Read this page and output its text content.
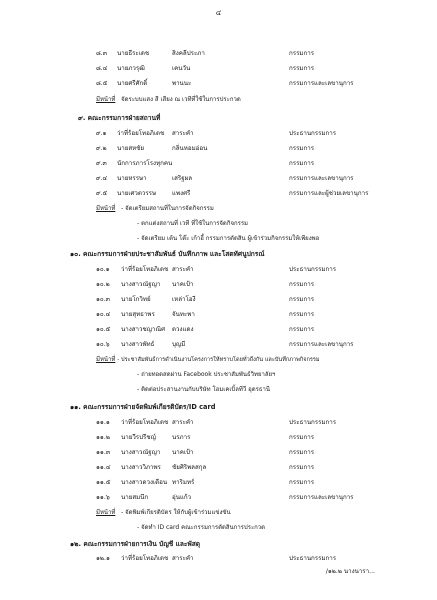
๔
๘.๓ นายธีระเดช	สิงคลีประภา	กรรมการ
๘.๔ นายภวรุฒิ	เคนวัน	กรรมการ
๘.๕ นายศรีศักดิ์	พานนะ	กรรมการและเลขานุการ
มีหน้าที่ จัดระบบแสง สี เสียง ณ เวทีที่ใช้ในการประกวด
๙. คณะกรรมการฝ่ายสถานที่
๙.๑ ว่าที่ร้อยโทอภิเดช สาระคำ	ประธานกรรมการ
๙.๒ นายสหชัย	กลิ่นหอมอ่อน	กรรมการ
๙.๓ นักการภารโรงทุกคน	กรรมการ
๙.๔ นายหรรษา	เสริฐผล	กรรมการและเลขานุการ
๙.๕ นายเศวตวรรษ	แพงศรี	กรรมการและผู้ช่วยเลขานุการ
มีหน้าที่ - จัดเตรียมสถานที่ในการจัดกิจกรรม
- ตกแต่งสถานที่ เวที ที่ใช้ในการจัดกิจกรรม
- จัดเตรียม เต้น โต๊ะ เก้าอี้ กรรมการตัดสิน ผู้เข้าร่วมกิจกรรมให้เพียงพอ
๑๐. คณะกรรมการฝ่ายประชาสัมพันธ์ บันทึกภาพ และโสตทัศนูปกรณ์
๑๐.๑ ว่าที่ร้อยโทอภิเดช สาระคำ	ประธานกรรมการ
๑๐.๒ นางสาวณัฐญา นาคเป้า	กรรมการ
๑๐.๓ นายโกวิทย์	เหล่าโฮงี	กรรมการ
๑๐.๔ นายสุทธาพร	จันทะพา	กรรมการ
๑๐.๕ นางสาวชญาณิศ ดวงแดง	กรรมการ
๑๐.๖ นางสาวพัทธ์	บุญมี	กรรมการและเลขานุการ
มีหน้าที่ - ประชาสัมพันธ์การดำเนินงานโครงการให้ทราบโดยทั่วถึงกัน และบันทึกภาพกิจกรรม
- ถ่ายทอดสดผ่าน Facebook ประชาสัมพันธ์วิทยาลัยฯ
- ติดต่อประสานงานกับบริษัท โฮมเคเบิ้ลทีวี อุดรธานี
๑๑. คณะกรรมการฝ่ายจัดพิมพ์เกียรติบัตร/ID card
๑๑.๑ ว่าที่ร้อยโทอภิเดช สาระคำ	ประธานกรรมการ
๑๑.๒ นายวีรปรีชญ์	นรภาร	กรรมการ
๑๑.๓ นางสาวณัฐญา นาคเป้า	กรรมการ
๑๑.๔ นางสาววิภาพร ชัยศิริพลสกุล	กรรมการ
๑๑.๕ นางสาวดวงเดือน ทาริมทร์	กรรมการ
๑๑.๖ นายสมนึก	อุ่นแก้ว	กรรมการและเลขานุการ
มีหน้าที่ - จัดพิมพ์เกียรติบัตร ให้กับผู้เข้าร่วมแข่งขัน
- จัดทำ ID card คณะกรรมการตัดสินการประกวด
๑๒. คณะกรรมการฝ่ายการเงิน บัญชี และพัสดุ
๑๒.๑ ว่าที่ร้อยโทอภิเดช สาระคำ	ประธานกรรมการ
/๑๒.๒ นางนารา...
